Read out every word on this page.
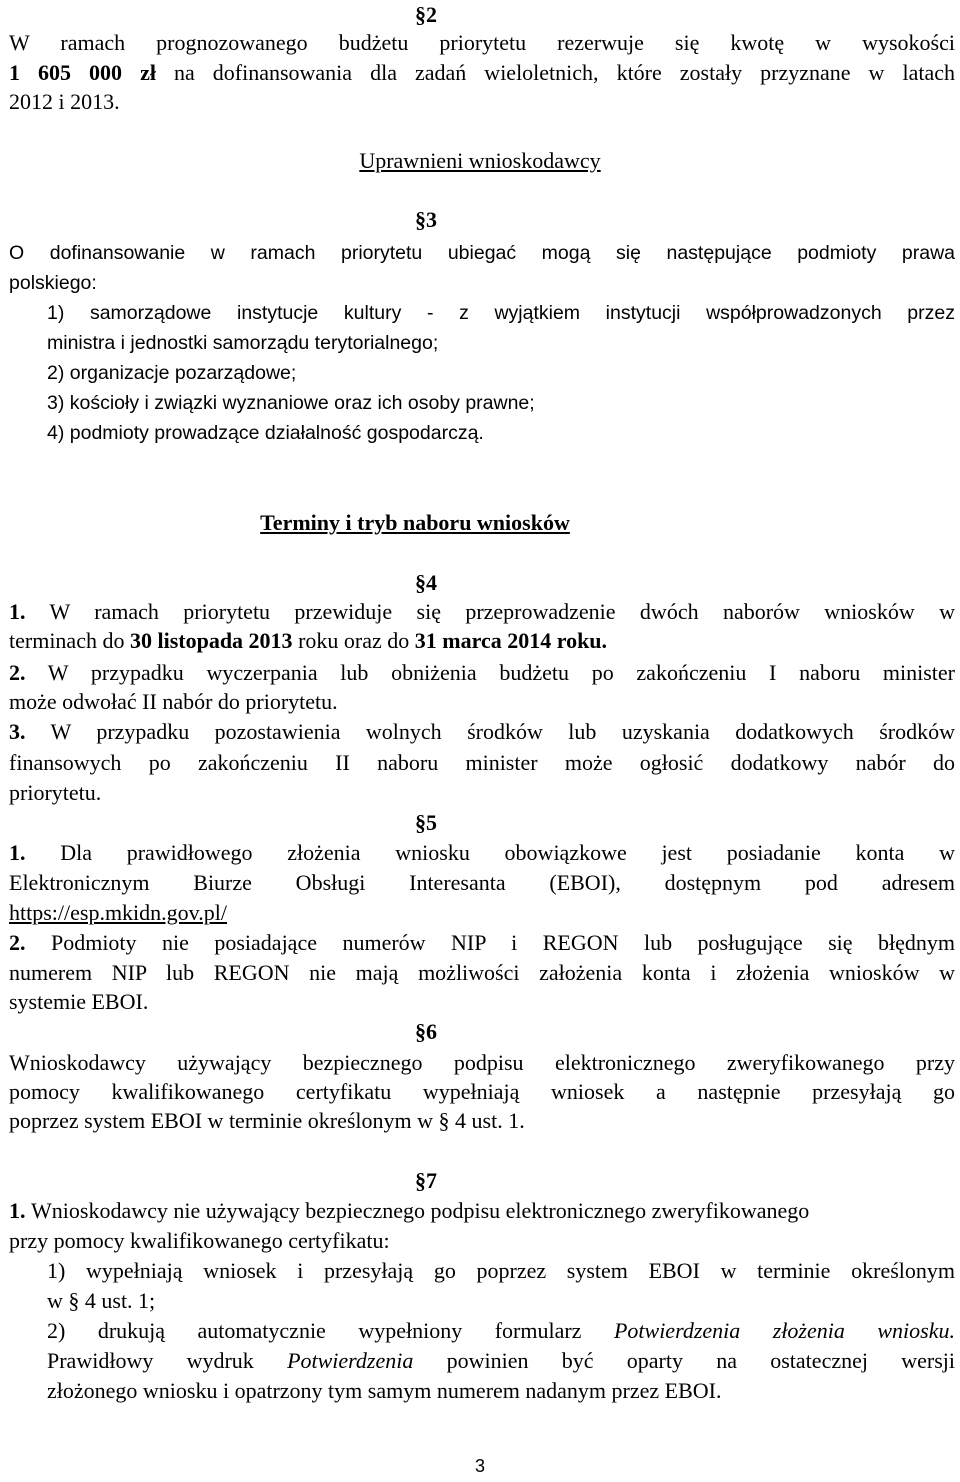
§2
W ramach prognozowanego budżetu priorytetu rezerwuje się kwotę w wysokości
1 605 000 zł na dofinansowania dla zadań wieloletnich, które zostały przyznane w latach
2012 i 2013.
Uprawnieni wnioskodawcy
§3
O dofinansowanie w ramach priorytetu ubiegać mogą się następujące podmioty prawa
polskiego:
1) samorządowe instytucje kultury - z wyjątkiem instytucji współprowadzonych przez
ministra i jednostki samorządu terytorialnego;
2) organizacje pozarządowe;
3) kościoły i związki wyznaniowe oraz ich osoby prawne;
4) podmioty prowadzące działalność gospodarczą.
Terminy i tryb naboru wniosków
§4
1. W ramach priorytetu przewiduje się przeprowadzenie dwóch naborów wniosków w
terminach do 30 listopada 2013 roku oraz do 31 marca 2014 roku.
2. W przypadku wyczerpania lub obniżenia budżetu po zakończeniu I naboru minister
może odwołać II nabór do priorytetu.
3. W przypadku pozostawienia wolnych środków lub uzyskania dodatkowych środków
finansowych po zakończeniu II naboru minister może ogłosić dodatkowy nabór do
priorytetu.
§5
1. Dla prawidłowego złożenia wniosku obowiązkowe jest posiadanie konta w
Elektronicznym Biurze Obsługi Interesanta (EBOI), dostępnym pod adresem
https://esp.mkidn.gov.pl/
2. Podmioty nie posiadające numerów NIP i REGON lub posługujące się błędnym
numerem NIP lub REGON nie mają możliwości założenia konta i złożenia wniosków w
systemie EBOI.
§6
Wnioskodawcy używający bezpiecznego podpisu elektronicznego zweryfikowanego przy
pomocy kwalifikowanego certyfikatu wypełniają wniosek a następnie przesyłają go
poprzez system EBOI w terminie określonym w § 4 ust. 1.
§7
1. Wnioskodawcy nie używający bezpiecznego podpisu elektronicznego zweryfikowanego
przy pomocy kwalifikowanego certyfikatu:
1) wypełniają wniosek i przesyłają go poprzez system EBOI w terminie określonym
w § 4 ust. 1;
2) drukują automatycznie wypełniony formularz Potwierdzenia złożenia wniosku.
Prawidłowy wydruk Potwierdzenia powinien być oparty na ostatecznej wersji
złożonego wniosku i opatrzony tym samym numerem nadanym przez EBOI.
3
